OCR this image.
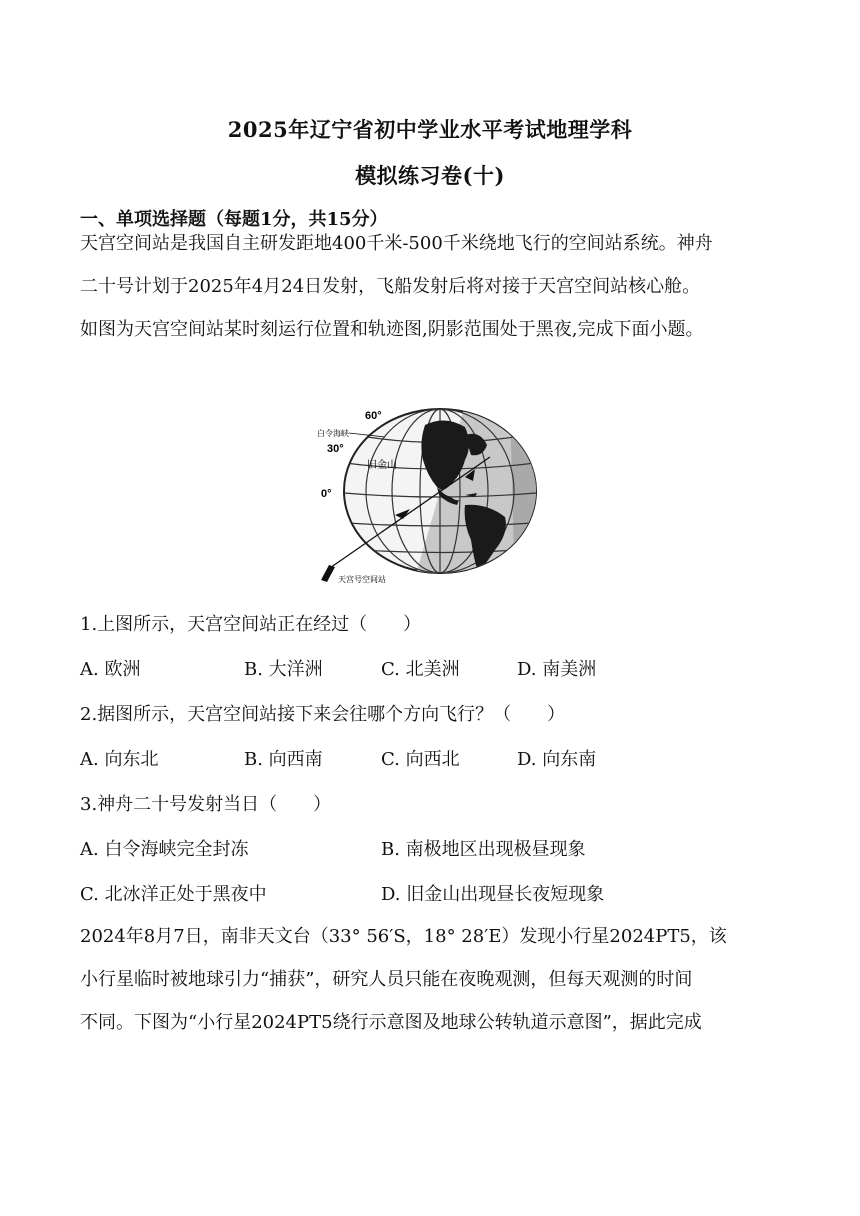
2025年辽宁省初中学业水平考试地理学科
模拟练习卷(十)
一、单项选择题（每题1分，共15分）
天宫空间站是我国自主研发距地400千米-500千米绕地飞行的空间站系统。神舟
二十号计划于2025年4月24日发射，飞船发射后将对接于天宫空间站核心舱。
如图为天宫空间站某时刻运行位置和轨迹图,阴影范围处于黑夜,完成下面小题。
60°
白令海峡
30°
旧金山
0°
天宫号空间站
1.上图所示，天宫空间站正在经过（　　）
A. 欧洲	B. 大洋洲	C. 北美洲	D. 南美洲
2.据图所示，天宫空间站接下来会往哪个方向飞行？（　　）
A. 向东北	B. 向西南	C. 向西北	D. 向东南
3.神舟二十号发射当日（　　）
A. 白令海峡完全封冻	B. 南极地区出现极昼现象
C. 北冰洋正处于黑夜中	D. 旧金山出现昼长夜短现象
2024年8月7日，南非天文台（33° 56′S，18° 28′E）发现小行星2024PT5，该
小行星临时被地球引力“捕获”，研究人员只能在夜晚观测，但每天观测的时间
不同。下图为“小行星2024PT5绕行示意图及地球公转轨道示意图”，据此完成
